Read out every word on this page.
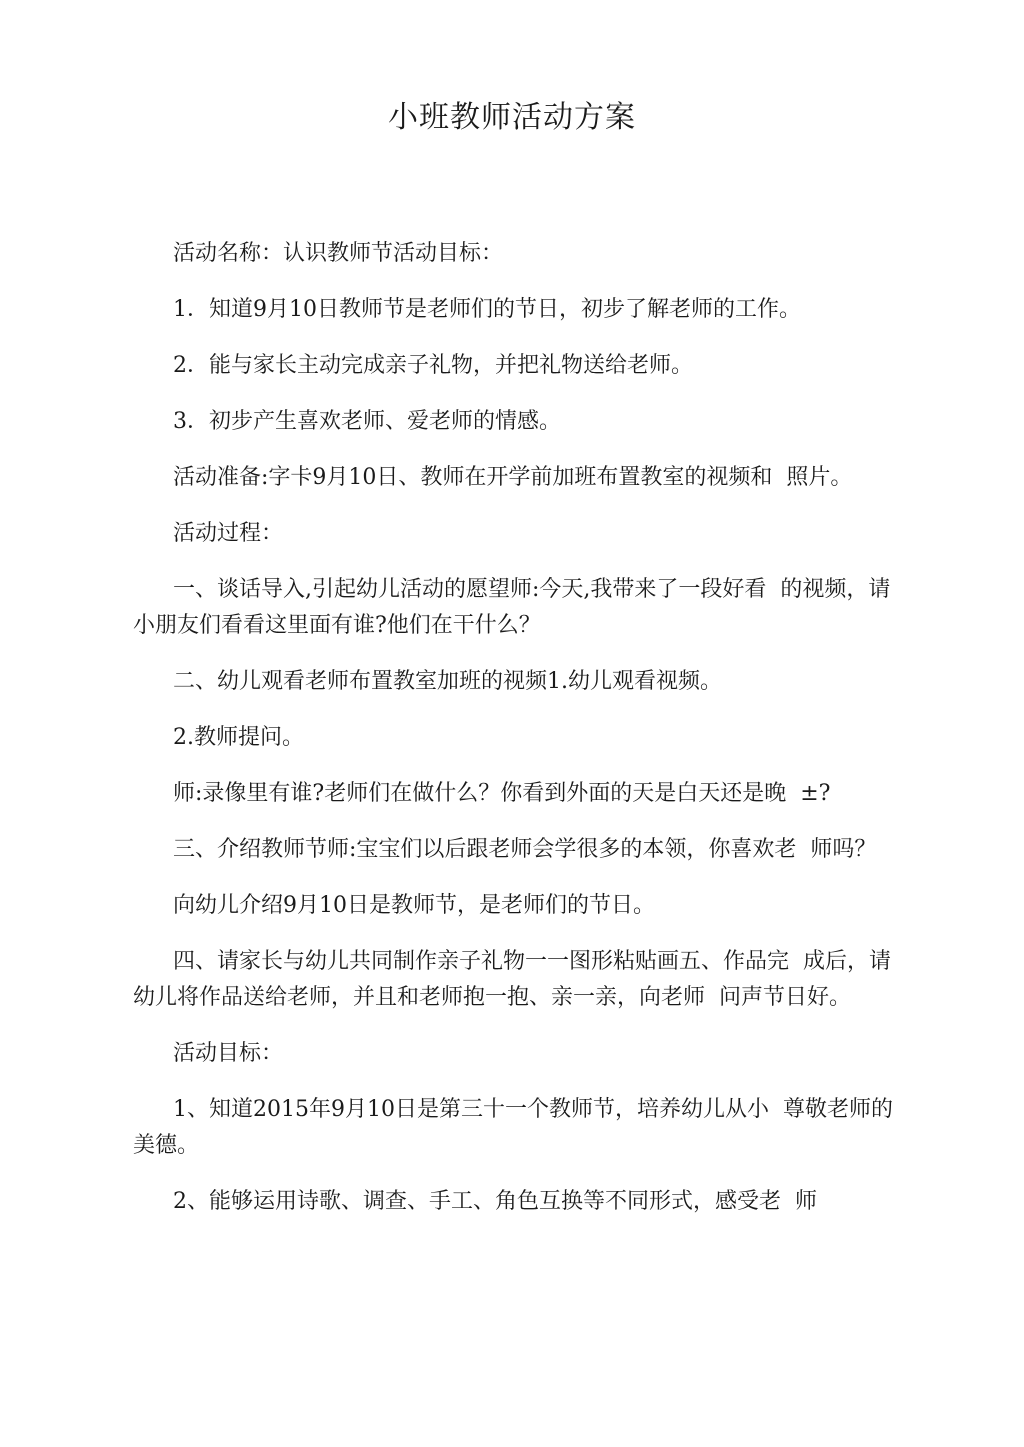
小班教师活动方案

活动名称：认识教师节活动目标：

1．知道9月10日教师节是老师们的节日，初步了解老师的工作。

2．能与家长主动完成亲子礼物，并把礼物送给老师。

3．初步产生喜欢老师、爱老师的情感。

活动准备:字卡9月10日、教师在开学前加班布置教室的视频和  照片。

活动过程：

一、谈话导入,引起幼儿活动的愿望师:今天,我带来了一段好看  的视频，请小朋友们看看这里面有谁?他们在干什么？

二、幼儿观看老师布置教室加班的视频1.幼儿观看视频。

2.教师提问。

师:录像里有谁?老师们在做什么？你看到外面的天是白天还是晚  ±?

三、介绍教师节师:宝宝们以后跟老师会学很多的本领，你喜欢老  师吗？

向幼儿介绍9月10日是教师节，是老师们的节日。

四、请家长与幼儿共同制作亲子礼物一一图形粘贴画五、作品完  成后，请幼儿将作品送给老师，并且和老师抱一抱、亲一亲，向老师  问声节日好。

活动目标：

1、知道2015年9月10日是第三十一个教师节，培养幼儿从小  尊敬老师的美德。

2、能够运用诗歌、调查、手工、角色互换等不同形式，感受老  师
